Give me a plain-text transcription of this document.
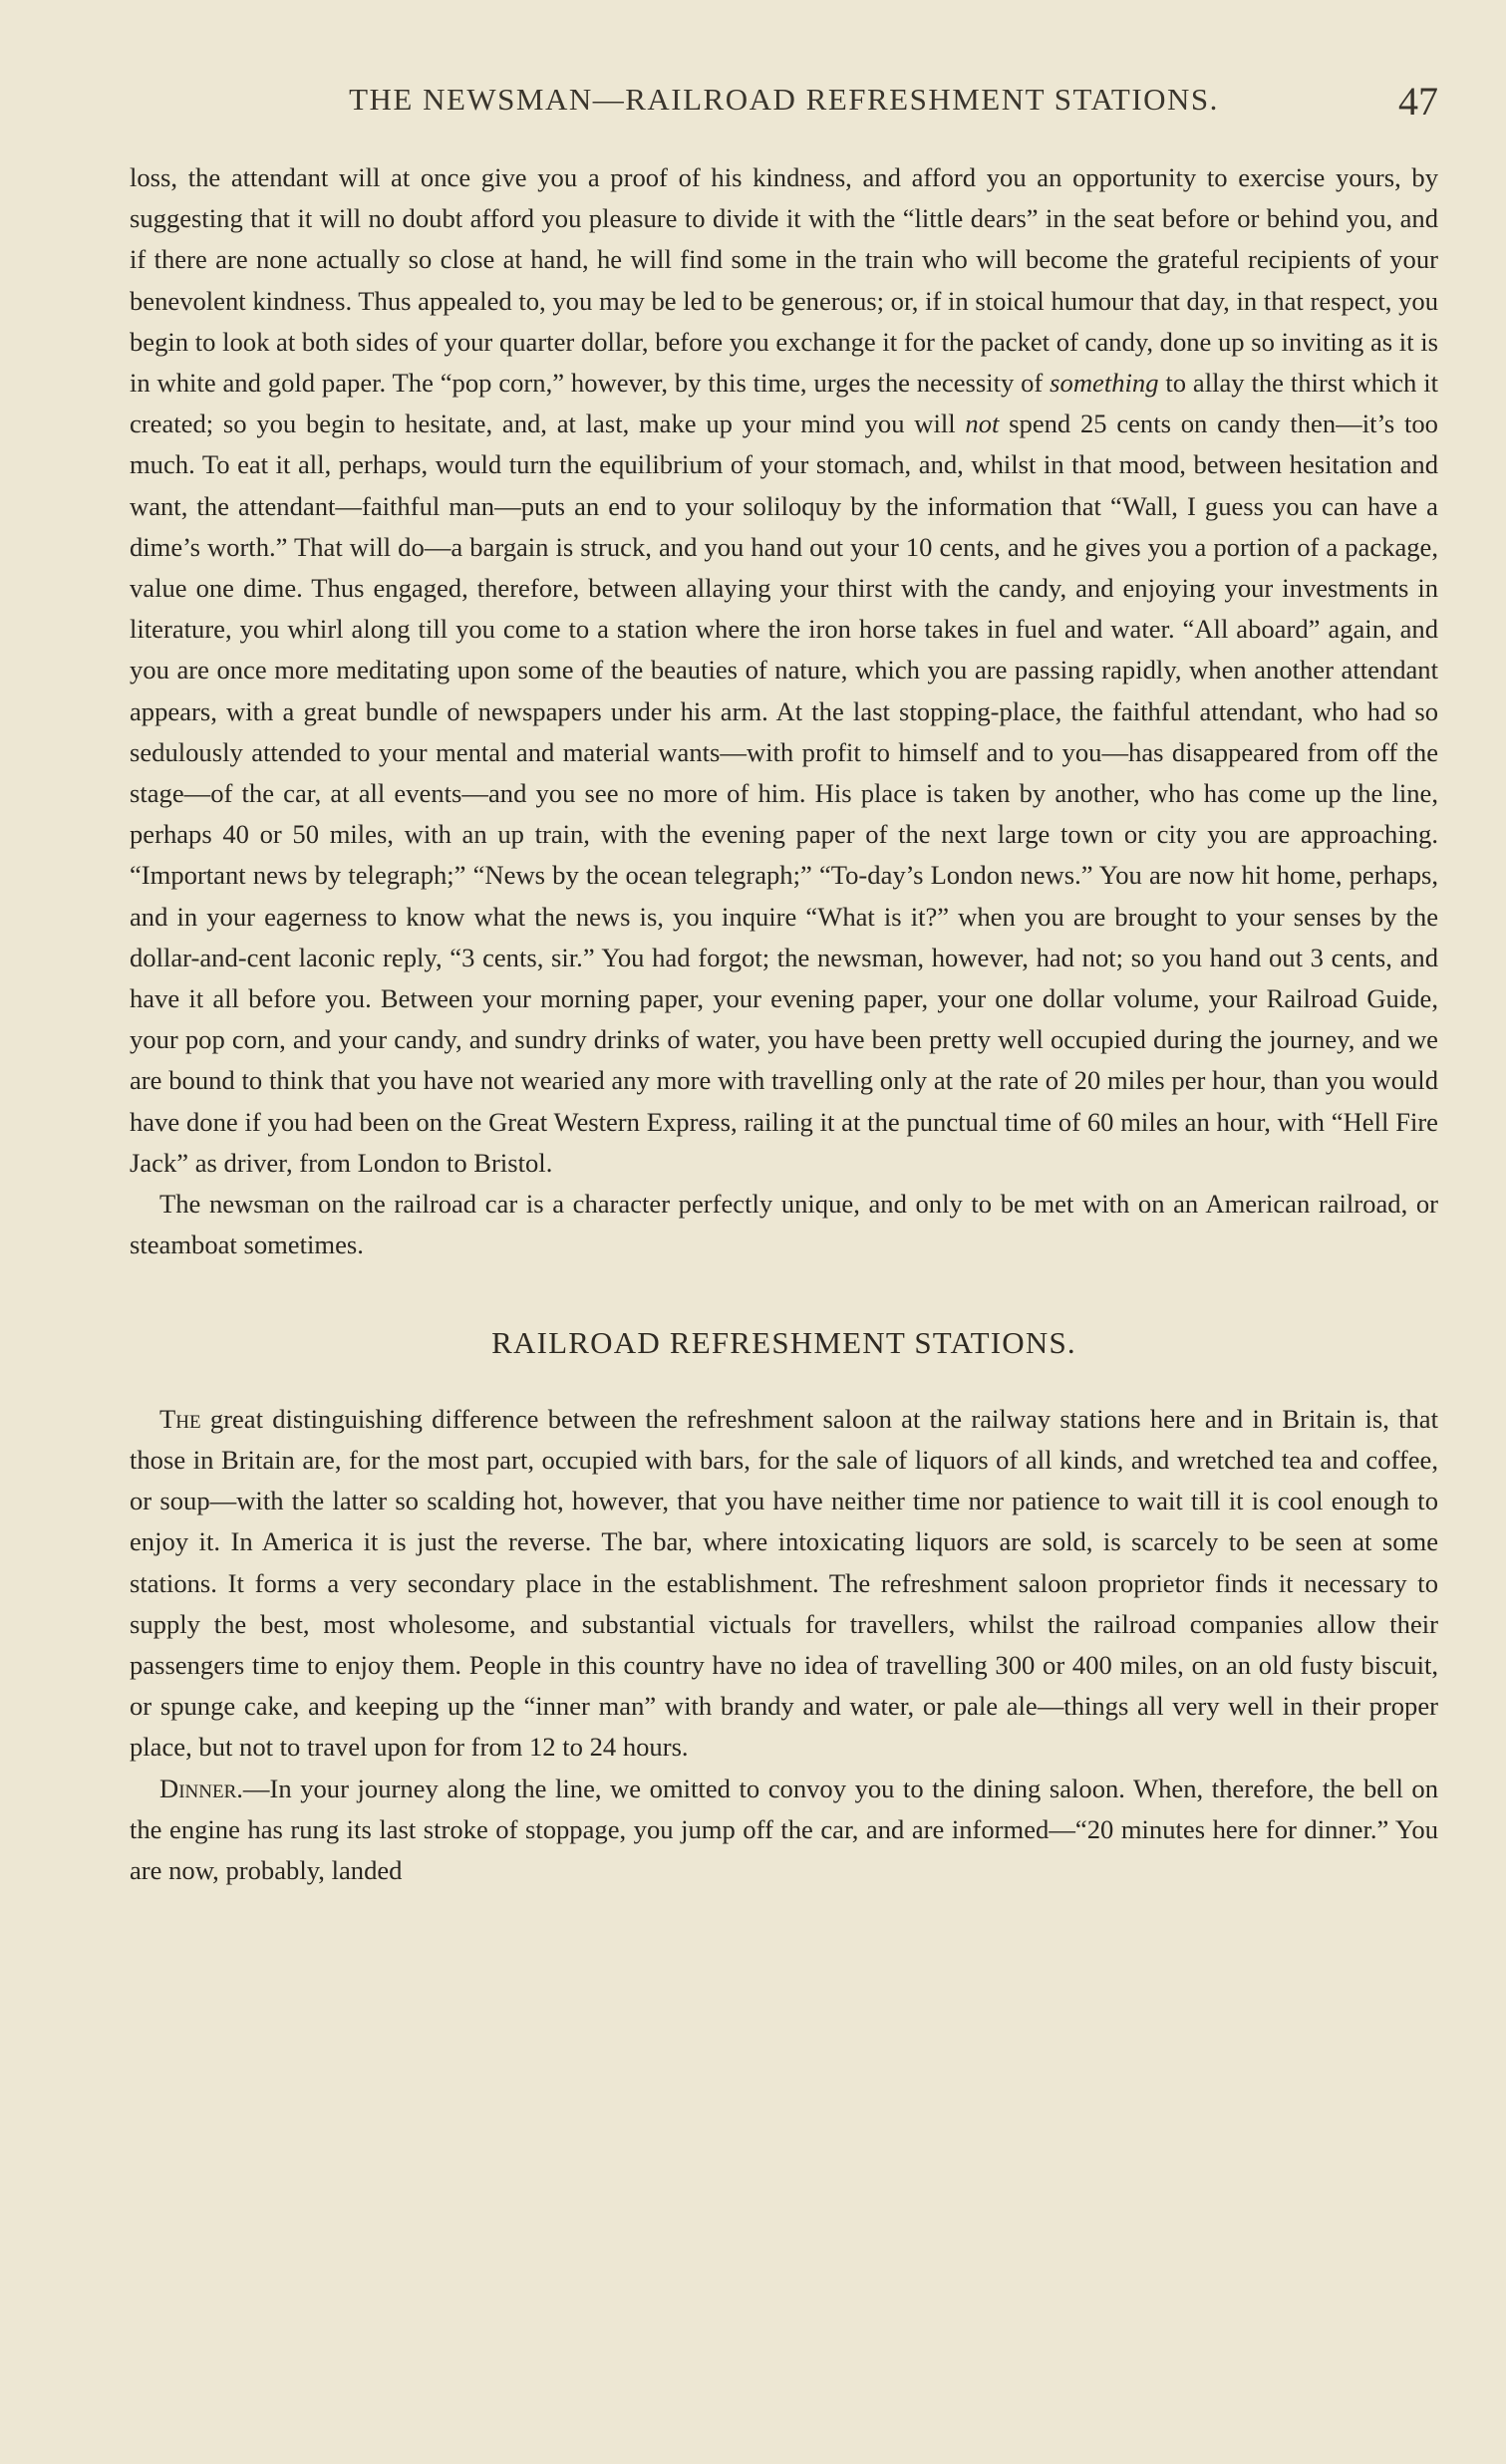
THE NEWSMAN—RAILROAD REFRESHMENT STATIONS.	47

loss, the attendant will at once give you a proof of his kindness, and afford you an opportunity to exercise yours, by suggesting that it will no doubt afford you pleasure to divide it with the “little dears” in the seat before or behind you, and if there are none actually so close at hand, he will find some in the train who will become the grateful recipients of your benevolent kindness. Thus appealed to, you may be led to be generous; or, if in stoical humour that day, in that respect, you begin to look at both sides of your quarter dollar, before you exchange it for the packet of candy, done up so inviting as it is in white and gold paper. The “pop corn,” however, by this time, urges the necessity of something to allay the thirst which it created; so you begin to hesitate, and, at last, make up your mind you will not spend 25 cents on candy then—it’s too much. To eat it all, perhaps, would turn the equilibrium of your stomach, and, whilst in that mood, between hesitation and want, the attendant—faithful man—puts an end to your soliloquy by the information that “Wall, I guess you can have a dime’s worth.” That will do—a bargain is struck, and you hand out your 10 cents, and he gives you a portion of a package, value one dime. Thus engaged, therefore, between allaying your thirst with the candy, and enjoying your investments in literature, you whirl along till you come to a station where the iron horse takes in fuel and water. “All aboard” again, and you are once more meditating upon some of the beauties of nature, which you are passing rapidly, when another attendant appears, with a great bundle of newspapers under his arm. At the last stopping-place, the faithful attendant, who had so sedulously attended to your mental and material wants—with profit to himself and to you—has disappeared from off the stage—of the car, at all events—and you see no more of him. His place is taken by another, who has come up the line, perhaps 40 or 50 miles, with an up train, with the evening paper of the next large town or city you are approaching. “Important news by telegraph;” “News by the ocean telegraph;” “To-day’s London news.” You are now hit home, perhaps, and in your eagerness to know what the news is, you inquire “What is it?” when you are brought to your senses by the dollar-and-cent laconic reply, “3 cents, sir.” You had forgot; the newsman, however, had not; so you hand out 3 cents, and have it all before you. Between your morning paper, your evening paper, your one dollar volume, your Railroad Guide, your pop corn, and your candy, and sundry drinks of water, you have been pretty well occupied during the journey, and we are bound to think that you have not wearied any more with travelling only at the rate of 20 miles per hour, than you would have done if you had been on the Great Western Express, railing it at the punctual time of 60 miles an hour, with “Hell Fire Jack” as driver, from London to Bristol.

The newsman on the railroad car is a character perfectly unique, and only to be met with on an American railroad, or steamboat sometimes.

RAILROAD REFRESHMENT STATIONS.

The great distinguishing difference between the refreshment saloon at the railway stations here and in Britain is, that those in Britain are, for the most part, occupied with bars, for the sale of liquors of all kinds, and wretched tea and coffee, or soup—with the latter so scalding hot, however, that you have neither time nor patience to wait till it is cool enough to enjoy it. In America it is just the reverse. The bar, where intoxicating liquors are sold, is scarcely to be seen at some stations. It forms a very secondary place in the establishment. The refreshment saloon proprietor finds it necessary to supply the best, most wholesome, and substantial victuals for travellers, whilst the railroad companies allow their passengers time to enjoy them. People in this country have no idea of travelling 300 or 400 miles, on an old fusty biscuit, or spunge cake, and keeping up the “inner man” with brandy and water, or pale ale—things all very well in their proper place, but not to travel upon for from 12 to 24 hours.

Dinner.—In your journey along the line, we omitted to convoy you to the dining saloon. When, therefore, the bell on the engine has rung its last stroke of stoppage, you jump off the car, and are informed—“20 minutes here for dinner.” You are now, probably, landed
